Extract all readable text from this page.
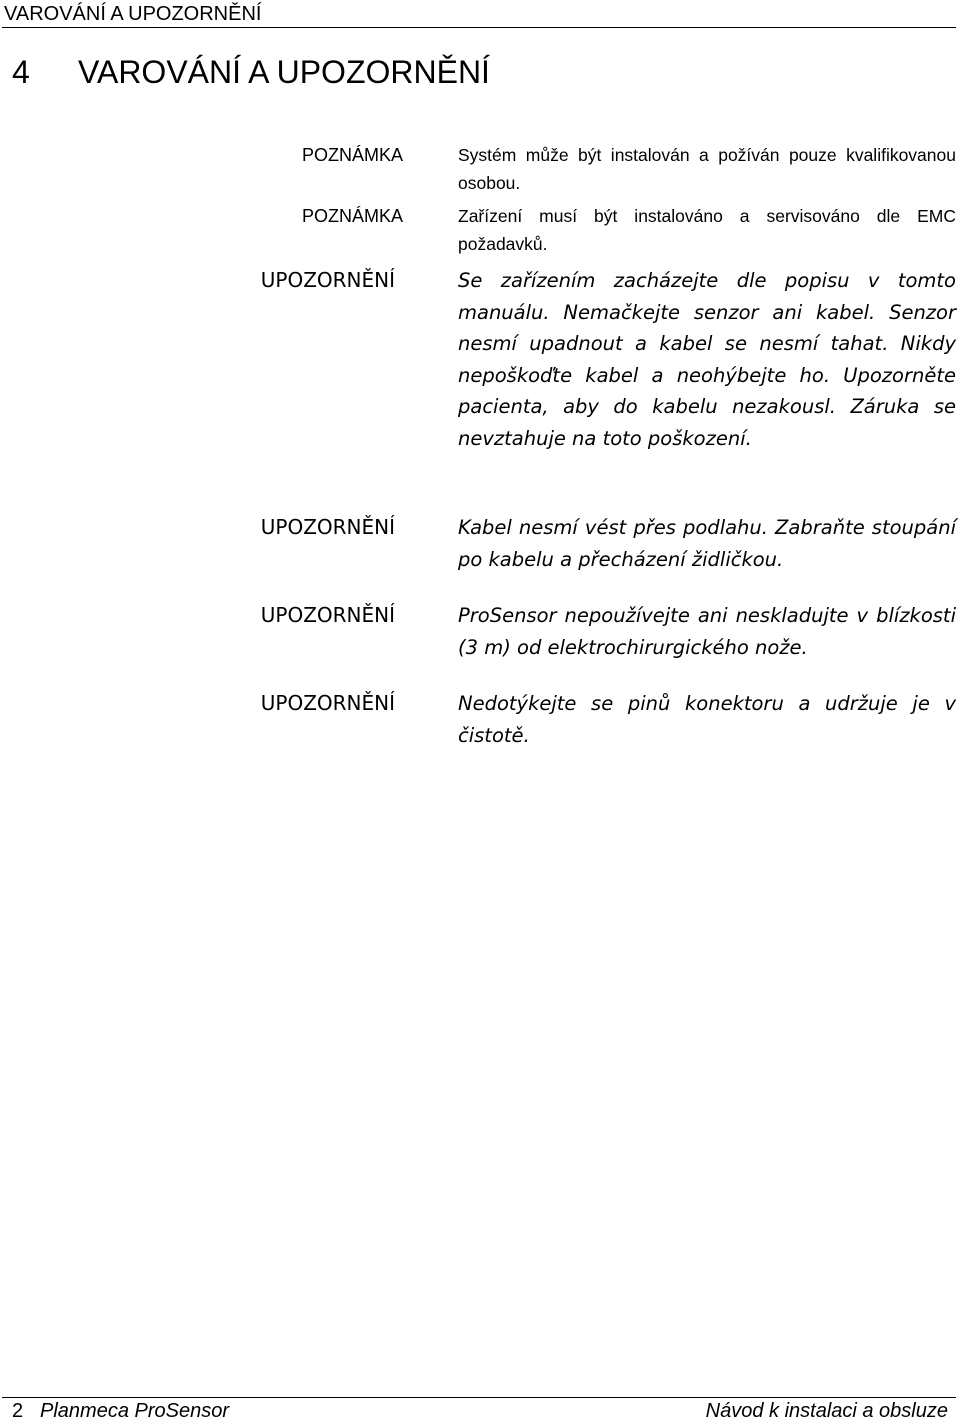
VAROVÁNÍ A UPOZORNĚNÍ
4 VAROVÁNÍ A UPOZORNĚNÍ
POZNÁMKA	Systém může být instalován a požíván pouze kvalifikovanou osobou.
POZNÁMKA	Zařízení musí být instalováno a servisováno dle EMC požadavků.
UPOZORNĚNÍ	Se zařízením zacházejte dle popisu v tomto manuálu. Nemačkejte senzor ani kabel. Senzor nesmí upadnout a kabel se nesmí tahat. Nikdy nepoškoďte kabel a neohýbejte ho. Upozorněte pacienta, aby do kabelu nezakousl. Záruka se nevztahuje na toto poškození.
UPOZORNĚNÍ	Kabel nesmí vést přes podlahu. Zabraňte stoupání po kabelu a přecházení židličkou.
UPOZORNĚNÍ	ProSensor nepoužívejte ani neskladujte v blízkosti (3 m) od elektrochirurgického nože.
UPOZORNĚNÍ	Nedotýkejte se pinů konektoru a udržuje je v čistotě.
2 Planmeca ProSensor	Návod k instalaci a obsluze
